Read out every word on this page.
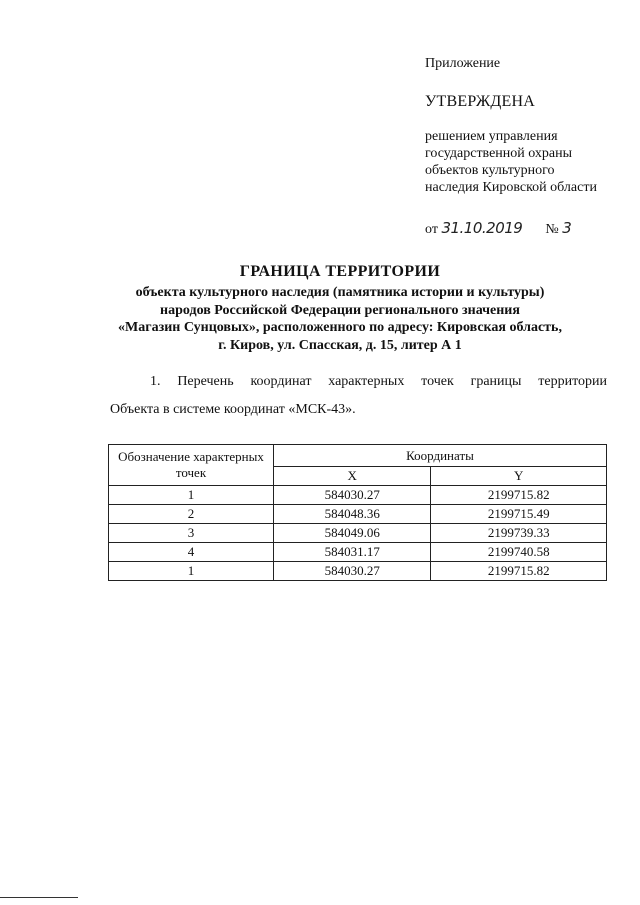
Приложение
УТВЕРЖДЕНА
решением управления
государственной охраны
объектов культурного
наследия Кировской области
от 31.10.2019 № 3
ГРАНИЦА ТЕРРИТОРИИ
объекта культурного наследия (памятника истории и культуры)
народов Российской Федерации регионального значения
«Магазин Сунцовых», расположенного по адресу: Кировская область,
г. Киров, ул. Спасская, д. 15, литер А 1
1. Перечень координат характерных точек границы территории
Объекта в системе координат «МСК-43».
Обозначение характерных точек	Координаты	
	X	Y
1	584030.27	2199715.82
2	584048.36	2199715.49
3	584049.06	2199739.33
4	584031.17	2199740.58
1	584030.27	2199715.82
